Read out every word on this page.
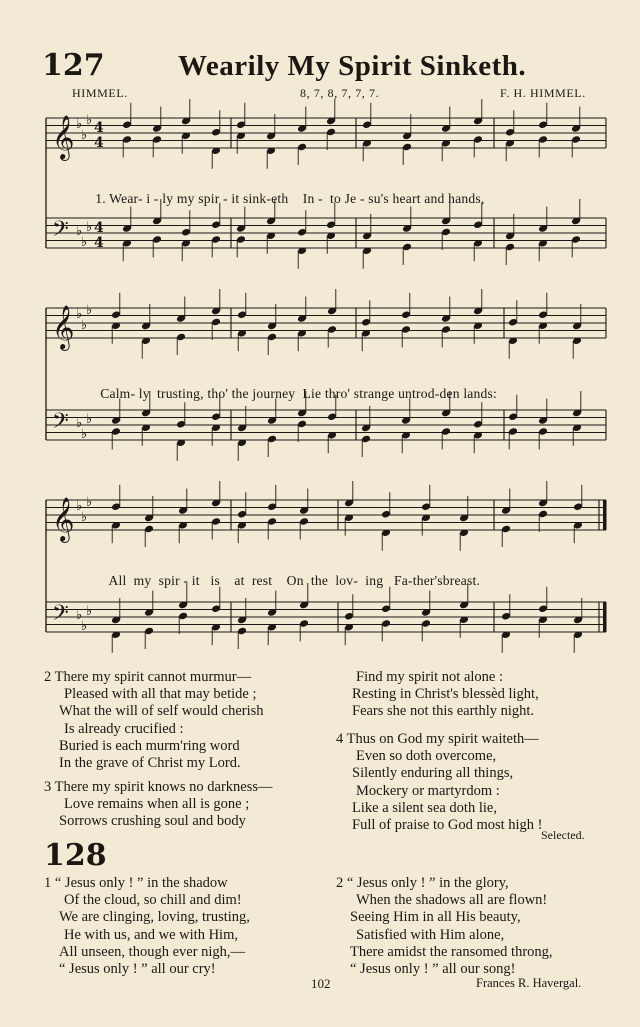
127	Wearily My Spirit Sinketh.
HIMMEL.	8, 7, 8, 7, 7, 7.	F. H. HIMMEL.
𝄞 ♭
♭
♭
𝄢 ♭
♭
♭
4
4
4
4

1. Wear- i - ly my spir - it sink-eth In - to Je - su's heart and hands,

𝄞 ♭
♭
♭
𝄢 ♭
♭
♭

Calm- ly trusting, tho' the journey Lie thro' strange untrod-den lands:

𝄞 ♭
♭
♭
𝄢 ♭
♭
♭

All my spir - it is at rest On the lov- ing Fa-ther'sbreast.

2 There my spirit cannot murmur—
Pleased with all that may betide ;
What the will of self would cherish
Is already crucified :
Buried is each murm'ring word
In the grave of Christ my Lord.
3 There my spirit knows no darkness—
Love remains when all is gone ;
Sorrows crushing soul and body
Find my spirit not alone :
Resting in Christ's blessèd light,
Fears she not this earthly night.
4 Thus on God my spirit waiteth—
Even so doth overcome,
Silently enduring all things,
Mockery or martyrdom :
Like a silent sea doth lie,
Full of praise to God most high !
Selected.
128
1 “ Jesus only ! ” in the shadow
Of the cloud, so chill and dim!
We are clinging, loving, trusting,
He with us, and we with Him,
All unseen, though ever nigh,—
“ Jesus only ! ” all our cry!
2 “ Jesus only ! ” in the glory,
When the shadows all are flown!
Seeing Him in all His beauty,
Satisfied with Him alone,
There amidst the ransomed throng,
“ Jesus only ! ” all our song!
102	Frances R. Havergal.
